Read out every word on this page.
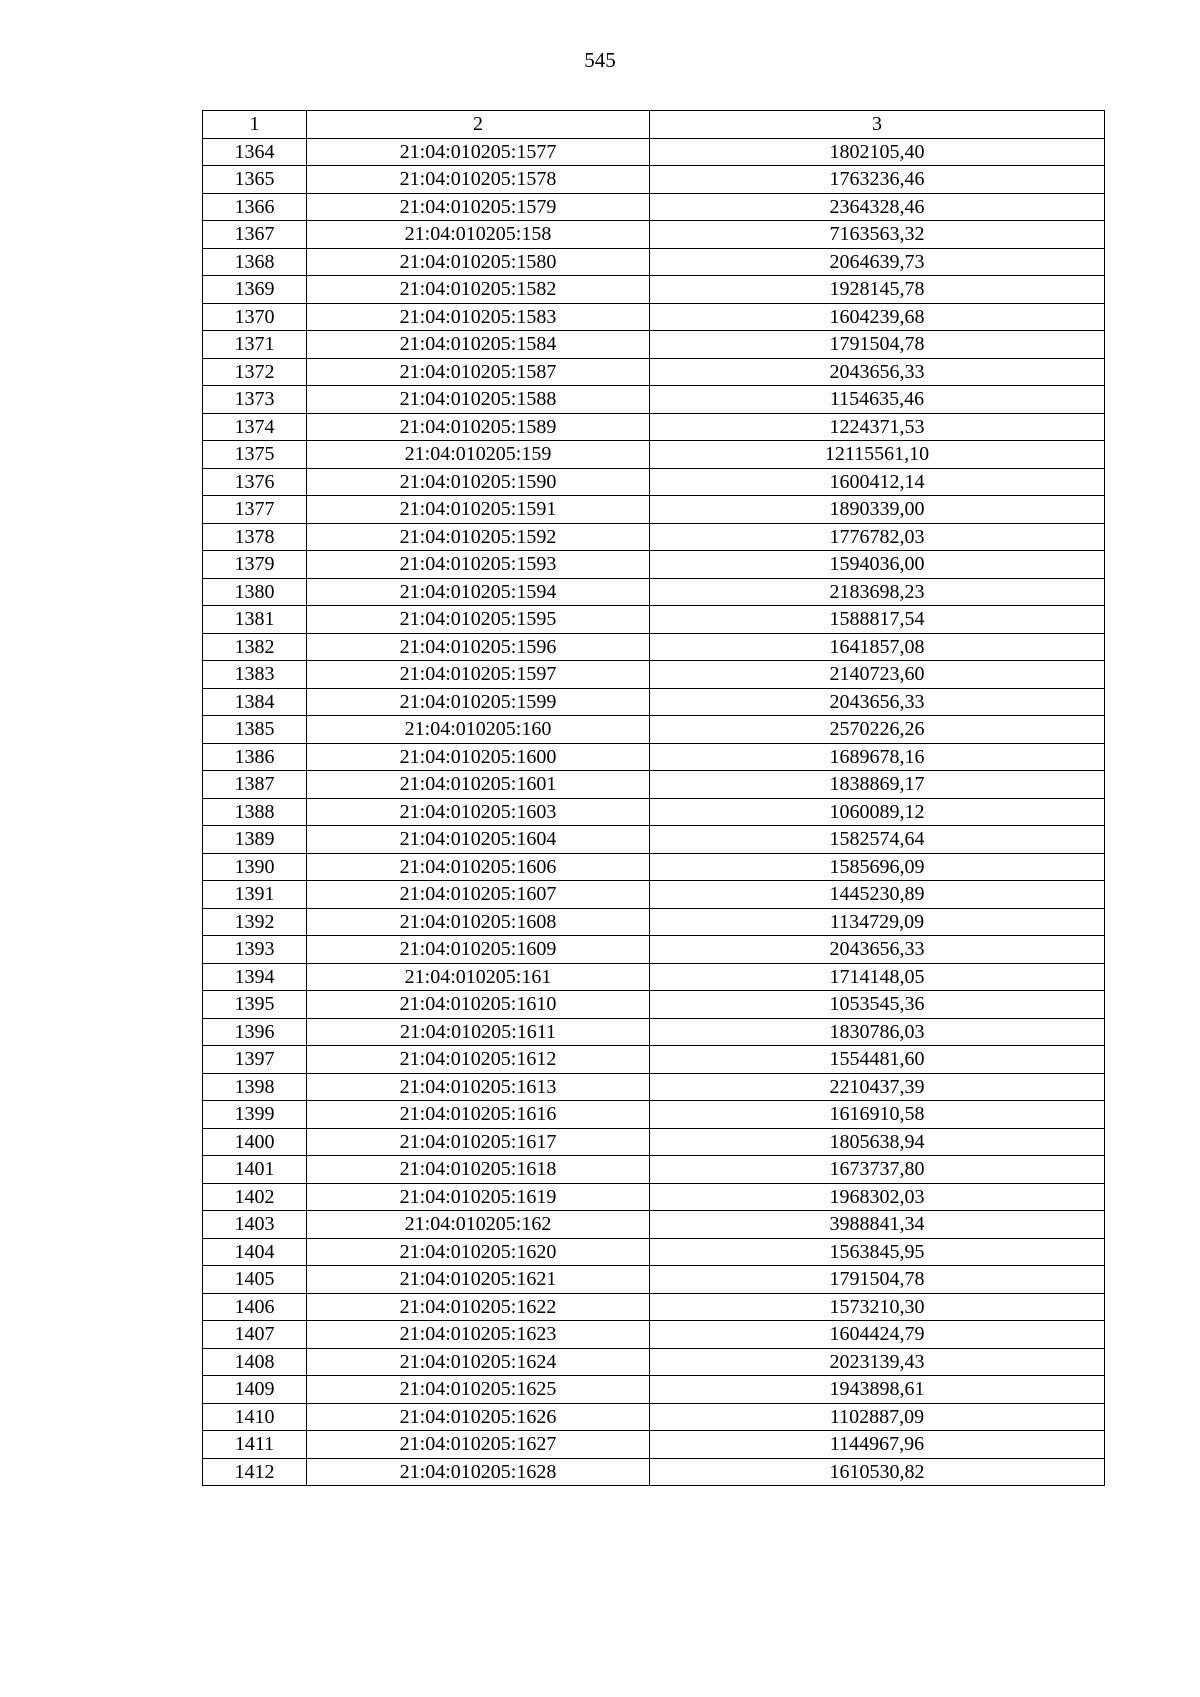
545
1	2	3
1364	21:04:010205:1577	1802105,40
1365	21:04:010205:1578	1763236,46
1366	21:04:010205:1579	2364328,46
1367	21:04:010205:158	7163563,32
1368	21:04:010205:1580	2064639,73
1369	21:04:010205:1582	1928145,78
1370	21:04:010205:1583	1604239,68
1371	21:04:010205:1584	1791504,78
1372	21:04:010205:1587	2043656,33
1373	21:04:010205:1588	1154635,46
1374	21:04:010205:1589	1224371,53
1375	21:04:010205:159	12115561,10
1376	21:04:010205:1590	1600412,14
1377	21:04:010205:1591	1890339,00
1378	21:04:010205:1592	1776782,03
1379	21:04:010205:1593	1594036,00
1380	21:04:010205:1594	2183698,23
1381	21:04:010205:1595	1588817,54
1382	21:04:010205:1596	1641857,08
1383	21:04:010205:1597	2140723,60
1384	21:04:010205:1599	2043656,33
1385	21:04:010205:160	2570226,26
1386	21:04:010205:1600	1689678,16
1387	21:04:010205:1601	1838869,17
1388	21:04:010205:1603	1060089,12
1389	21:04:010205:1604	1582574,64
1390	21:04:010205:1606	1585696,09
1391	21:04:010205:1607	1445230,89
1392	21:04:010205:1608	1134729,09
1393	21:04:010205:1609	2043656,33
1394	21:04:010205:161	1714148,05
1395	21:04:010205:1610	1053545,36
1396	21:04:010205:1611	1830786,03
1397	21:04:010205:1612	1554481,60
1398	21:04:010205:1613	2210437,39
1399	21:04:010205:1616	1616910,58
1400	21:04:010205:1617	1805638,94
1401	21:04:010205:1618	1673737,80
1402	21:04:010205:1619	1968302,03
1403	21:04:010205:162	3988841,34
1404	21:04:010205:1620	1563845,95
1405	21:04:010205:1621	1791504,78
1406	21:04:010205:1622	1573210,30
1407	21:04:010205:1623	1604424,79
1408	21:04:010205:1624	2023139,43
1409	21:04:010205:1625	1943898,61
1410	21:04:010205:1626	1102887,09
1411	21:04:010205:1627	1144967,96
1412	21:04:010205:1628	1610530,82
